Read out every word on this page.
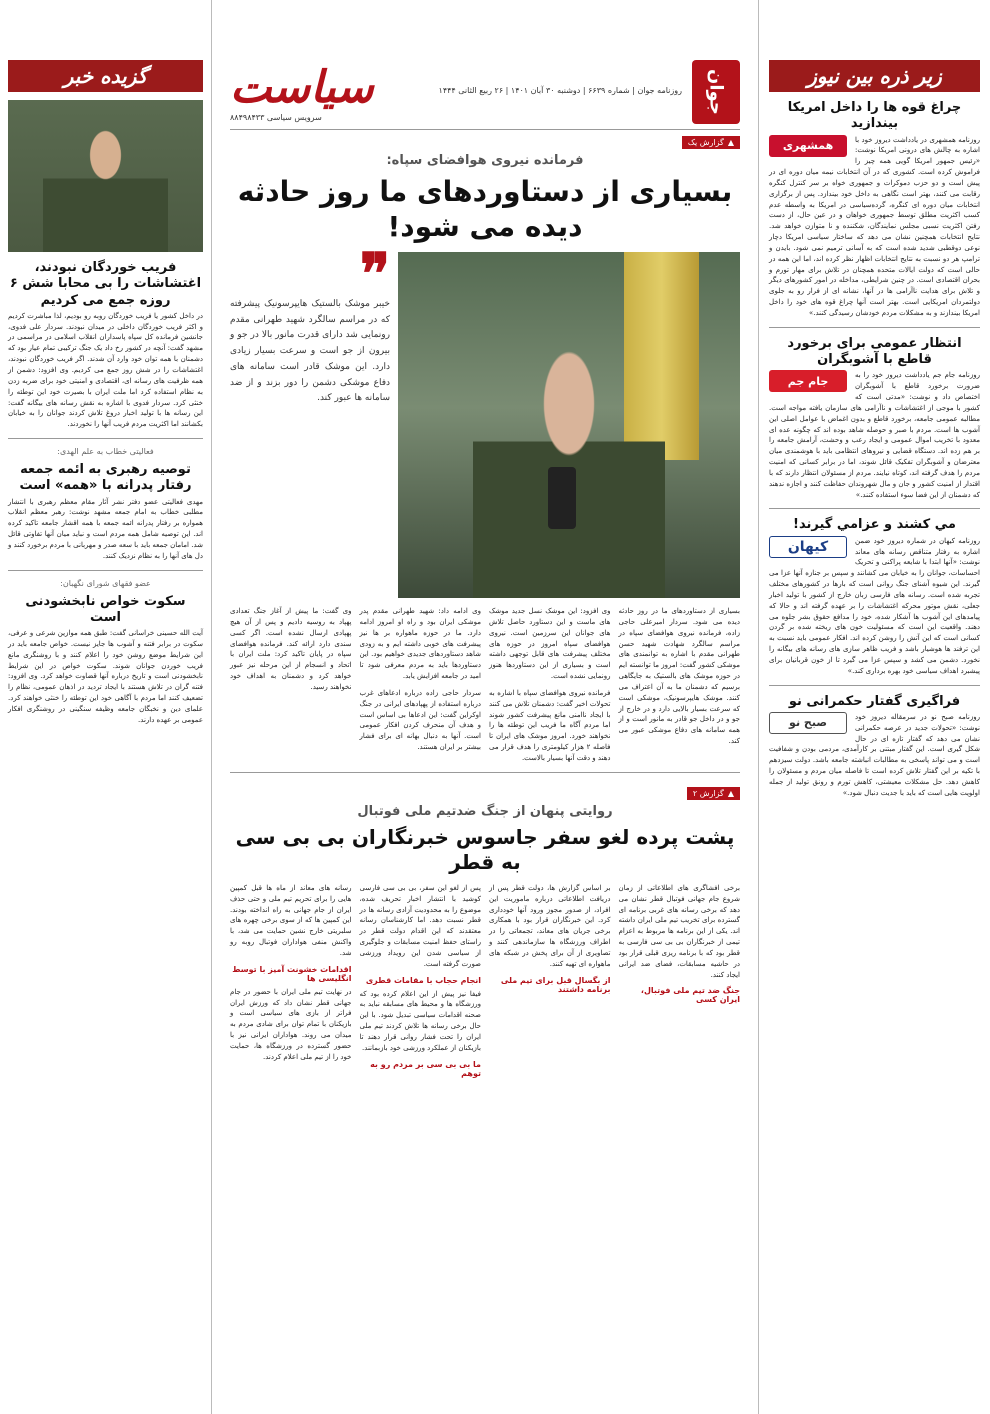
زیر ذره بین نیوز
چراغ قوه ها را داخل امریکا بیندازید
همشهری	روزنامه همشهری در یادداشت دیروز خود با اشاره به چالش های درونی امریکا نوشت: «رئیس جمهور امریکا گویی همه چیز را فراموش کرده است. کشوری که در آن انتخابات نیمه میان دوره ای در پیش است و دو حزب دموکرات و جمهوری خواه بر سر کنترل کنگره رقابت می کنند، بهتر است نگاهی به داخل خود بیندازد. پس از برگزاری انتخابات میان دوره ای کنگره، گرده‌سیاسی در امریکا به واسطه عدم کسب اکثریت مطلق توسط جمهوری خواهان و در عین حال، از دست رفتن اکثریت نسبی مجلس نمایندگان، شکننده و نا متوازن خواهد شد. نتایج انتخابات همچنین نشان می دهد که ساختار سیاسی امریکا دچار نوعی دوقطبی شدید شده است که به آسانی ترمیم نمی شود. بایدن و ترامپ هر دو نسبت به نتایج انتخابات اظهار نظر کرده اند، اما این همه در حالی است که دولت ایالات متحده همچنان در تلاش برای مهار تورم و بحران اقتصادی است. در چنین شرایطی، مداخله در امور کشورهای دیگر و تلاش برای هدایت ناآرامی ها در آنها، نشانه ای از فرار رو به جلوی دولتمردان امریکایی است. بهتر است آنها چراغ قوه های خود را داخل امریکا بیندازند و به مشکلات مردم خودشان رسیدگی کنند.»
انتظار عمومی برای برخورد قاطع با آشوبگران
جام جم	روزنامه جام جم یادداشت دیروز خود را به ضرورت برخورد قاطع با آشوبگران اختصاص داد و نوشت: «مدتی است که کشور با موجی از اغتشاشات و ناآرامی های سازمان یافته مواجه است. مطالبه عمومی جامعه، برخورد قاطع و بدون اغماض با عوامل اصلی این آشوب ها است. مردم با صبر و حوصله شاهد بوده اند که چگونه عده ای معدود با تخریب اموال عمومی و ایجاد رعب و وحشت، آرامش جامعه را بر هم زده اند. دستگاه قضایی و نیروهای انتظامی باید با هوشمندی میان معترضان و آشوبگران تفکیک قائل شوند، اما در برابر کسانی که امنیت مردم را هدف گرفته اند، کوتاه نیایند. مردم از مسئولان انتظار دارند که با اقتدار از امنیت کشور و جان و مال شهروندان حفاظت کنند و اجازه ندهند که دشمنان از این فضا سوء استفاده کنند.»
مي كشند و عزامي گيرند!
کیهان	روزنامه کیهان در شماره دیروز خود ضمن اشاره به رفتار متناقض رسانه های معاند نوشت: «آنها ابتدا با شایعه پراکنی و تحریک احساسات، جوانان را به خیابان می کشانند و سپس بر جنازه آنها عزا می گیرند. این شیوه آشنای جنگ روانی است که بارها در کشورهای مختلف تجربه شده است. رسانه های فارسی زبان خارج از کشور با تولید اخبار جعلی، نقش موتور محرکه اغتشاشات را بر عهده گرفته اند و حالا که پیامدهای این آشوب ها آشکار شده، خود را مدافع حقوق بشر جلوه می دهند. واقعیت این است که مسئولیت خون های ریخته شده بر گردن کسانی است که این آتش را روشن کرده اند. افکار عمومی باید نسبت به این ترفند ها هوشیار باشد و فریب ظاهر سازی های رسانه های بیگانه را نخورد. دشمن می کشد و سپس عزا می گیرد تا از خون قربانیان برای پیشبرد اهداف سیاسی خود بهره برداری کند.»
فراگیری گفتار حکمرانی نو
صبح نو	روزنامه صبح نو در سرمقاله دیروز خود نوشت: «تحولات جدید در عرصه حکمرانی نشان می دهد که گفتار تازه ای در حال شکل گیری است. این گفتار مبتنی بر کارآمدی، مردمی بودن و شفافیت است و می تواند پاسخی به مطالبات انباشته جامعه باشد. دولت سیزدهم با تکیه بر این گفتار تلاش کرده است تا فاصله میان مردم و مسئولان را کاهش دهد. حل مشکلات معیشتی، کاهش تورم و رونق تولید از جمله اولویت هایی است که باید با جدیت دنبال شود.»
جوان
روزنامه جوان | شماره ۶۶۳۹ | دوشنبه ۳۰ آبان ۱۴۰۱ | ۲۶ ربیع الثانی ۱۴۴۴
سیاست
سرویس سیاسی ۸۸۴۹۸۴۳۳
▲
گزارش یک
فرمانده نیروی هوافضای سپاه:
بسیاری از دستاوردهای ما روز حادثه دیده می شود!
❞
خیبر موشک بالستیک هایپرسونیک پیشرفته که در مراسم سالگرد شهید طهرانی مقدم رونمایی شد دارای قدرت مانور بالا در جو و بیرون از جو است و سرعت بسیار زیادی دارد. این موشک قادر است سامانه های دفاع موشکی دشمن را دور بزند و از ضد سامانه ها عبور کند.
بسیاری از دستاوردهای ما در روز حادثه دیده می شود. سردار امیرعلی حاجی زاده، فرمانده نیروی هوافضای سپاه در مراسم سالگرد شهادت شهید حسن طهرانی مقدم با اشاره به توانمندی های موشکی کشور گفت: امروز ما توانسته ایم در حوزه موشک های بالستیک به جایگاهی برسیم که دشمنان ما به آن اعتراف می کنند. موشک هایپرسونیک، موشکی است که سرعت بسیار بالایی دارد و در خارج از جو و در داخل جو قادر به مانور است و از همه سامانه های دفاع موشکی عبور می کند.
وی افزود: این موشک نسل جدید موشک های ماست و این دستاورد حاصل تلاش های جوانان این سرزمین است. نیروی هوافضای سپاه امروز در حوزه های مختلف پیشرفت های قابل توجهی داشته است و بسیاری از این دستاوردها هنوز رونمایی نشده است.
فرمانده نیروی هوافضای سپاه با اشاره به تحولات اخیر گفت: دشمنان تلاش می کنند با ایجاد ناامنی مانع پیشرفت کشور شوند اما مردم آگاه ما فریب این توطئه ها را نخواهند خورد. امروز موشک های ایران تا فاصله ۲ هزار کیلومتری را هدف قرار می دهند و دقت آنها بسیار بالاست.
وی ادامه داد: شهید طهرانی مقدم پدر موشکی ایران بود و راه او امروز ادامه دارد. ما در حوزه ماهواره بر ها نیز پیشرفت های خوبی داشته ایم و به زودی شاهد دستاوردهای جدیدی خواهیم بود. این دستاوردها باید به مردم معرفی شود تا امید در جامعه افزایش یابد.
سردار حاجی زاده درباره ادعاهای غرب درباره استفاده از پهپادهای ایرانی در جنگ اوکراین گفت: این ادعاها بی اساس است و هدف آن منحرف کردن افکار عمومی است. آنها به دنبال بهانه ای برای فشار بیشتر بر ایران هستند.
وی گفت: ما پیش از آغاز جنگ تعدادی پهپاد به روسیه دادیم و پس از آن هیچ پهپادی ارسال نشده است. اگر کسی سندی دارد ارائه کند. فرمانده هوافضای سپاه در پایان تاکید کرد: ملت ایران با اتحاد و انسجام از این مرحله نیز عبور خواهد کرد و دشمنان به اهداف خود نخواهند رسید.
▲
گزارش ۲
روایتی پنهان از جنگ ضدتیم ملی فوتبال
پشت پرده لغو سفر جاسوس خبرنگاران بی بی سی به قطر
برخی افشاگری های اطلاعاتی از زمان شروع جام جهانی فوتبال قطر نشان می دهد که برخی رسانه های غربی برنامه ای گسترده برای تخریب تیم ملی ایران داشته اند. یکی از این برنامه ها مربوط به اعزام تیمی از خبرنگاران بی بی سی فارسی به قطر بود که با برنامه ریزی قبلی قرار بود در حاشیه مسابقات، فضای ضد ایرانی ایجاد کنند.
جنگ ضد تیم ملی فوتبال، ایران کسی
بر اساس گزارش ها، دولت قطر پس از دریافت اطلاعاتی درباره ماموریت این افراد، از صدور مجوز ورود آنها خودداری کرد. این خبرنگاران قرار بود با همکاری برخی جریان های معاند، تجمعاتی را در اطراف ورزشگاه ها سازماندهی کنند و تصاویری از آن برای پخش در شبکه های ماهواره ای تهیه کنند.
از بگسال قبل برای تیم ملی برنامه داشتند
پس از لغو این سفر، بی بی سی فارسی کوشید با انتشار اخبار تحریف شده، موضوع را به محدودیت آزادی رسانه ها در قطر نسبت دهد. اما کارشناسان رسانه معتقدند که این اقدام دولت قطر در راستای حفظ امنیت مسابقات و جلوگیری از سیاسی شدن این رویداد ورزشی صورت گرفته است.
انجام حجاب با مقامات قطری
فیفا نیز پیش از این اعلام کرده بود که ورزشگاه ها و محیط های مسابقه نباید به صحنه اقدامات سیاسی تبدیل شود. با این حال برخی رسانه ها تلاش کردند تیم ملی ایران را تحت فشار روانی قرار دهند تا بازیکنان از عملکرد ورزشی خود بازبمانند.
ما بی بی سی بر مردم رو به توهم
رسانه های معاند از ماه ها قبل کمپین هایی را برای تحریم تیم ملی و حتی حذف ایران از جام جهانی به راه انداخته بودند. این کمپین ها که از سوی برخی چهره های سلبریتی خارج نشین حمایت می شد، با واکنش منفی هواداران فوتبال روبه رو شد.
اقدامات خشونت آمیز با توسط انگلیسی ها
در نهایت تیم ملی ایران با حضور در جام جهانی قطر نشان داد که ورزش ایران فراتر از بازی های سیاسی است و بازیکنان با تمام توان برای شادی مردم به میدان می روند. هواداران ایرانی نیز با حضور گسترده در ورزشگاه ها، حمایت خود را از تیم ملی اعلام کردند.
گزیده خبر
فریب خوردگان نبودند، اغتشاشات را بی محابا شش ۶ روزه جمع می کردیم
در داخل کشور یا فریب خوردگان روبه رو بودیم، لذا مباشرت کردیم و اکثر فریب خوردگان داخلی در میدان نبودند. سردار علی فدوی، جانشین فرمانده کل سپاه پاسداران انقلاب اسلامی در مراسمی در مشهد گفت: آنچه در کشور رخ داد یک جنگ ترکیبی تمام عیار بود که دشمنان با همه توان خود وارد آن شدند. اگر فریب خوردگان نبودند، اغتشاشات را در شش روز جمع می کردیم. وی افزود: دشمن از همه ظرفیت های رسانه ای، اقتصادی و امنیتی خود برای ضربه زدن به نظام استفاده کرد اما ملت ایران با بصیرت خود این توطئه را خنثی کرد. سردار فدوی با اشاره به نقش رسانه های بیگانه گفت: این رسانه ها با تولید اخبار دروغ تلاش کردند جوانان را به خیابان بکشانند اما اکثریت مردم فریب آنها را نخوردند.
فعالیتی خطاب به علم الهدی:
توصیه رهبری به ائمه جمعه رفتار پدرانه با «همه» است
مهدی فعالیتی عضو دفتر نشر آثار مقام معظم رهبری با انتشار مطلبی خطاب به امام جمعه مشهد نوشت: رهبر معظم انقلاب همواره بر رفتار پدرانه ائمه جمعه با همه اقشار جامعه تاکید کرده اند. این توصیه شامل همه مردم است و نباید میان آنها تفاوتی قائل شد. امامان جمعه باید با سعه صدر و مهربانی با مردم برخورد کنند و دل های آنها را به نظام نزدیک کنند.
عضو فقهای شورای نگهبان:
سکوت خواص نابخشودنی است
آیت الله حسینی خراسانی گفت: طبق همه موازین شرعی و عرفی، سکوت در برابر فتنه و آشوب ها جایز نیست. خواص جامعه باید در این شرایط موضع روشن خود را اعلام کنند و با روشنگری مانع فریب خوردن جوانان شوند. سکوت خواص در این شرایط نابخشودنی است و تاریخ درباره آنها قضاوت خواهد کرد. وی افزود: فتنه گران در تلاش هستند با ایجاد تردید در اذهان عمومی، نظام را تضعیف کنند اما مردم با آگاهی خود این توطئه را خنثی خواهند کرد. علمای دین و نخبگان جامعه وظیفه سنگینی در روشنگری افکار عمومی بر عهده دارند.
